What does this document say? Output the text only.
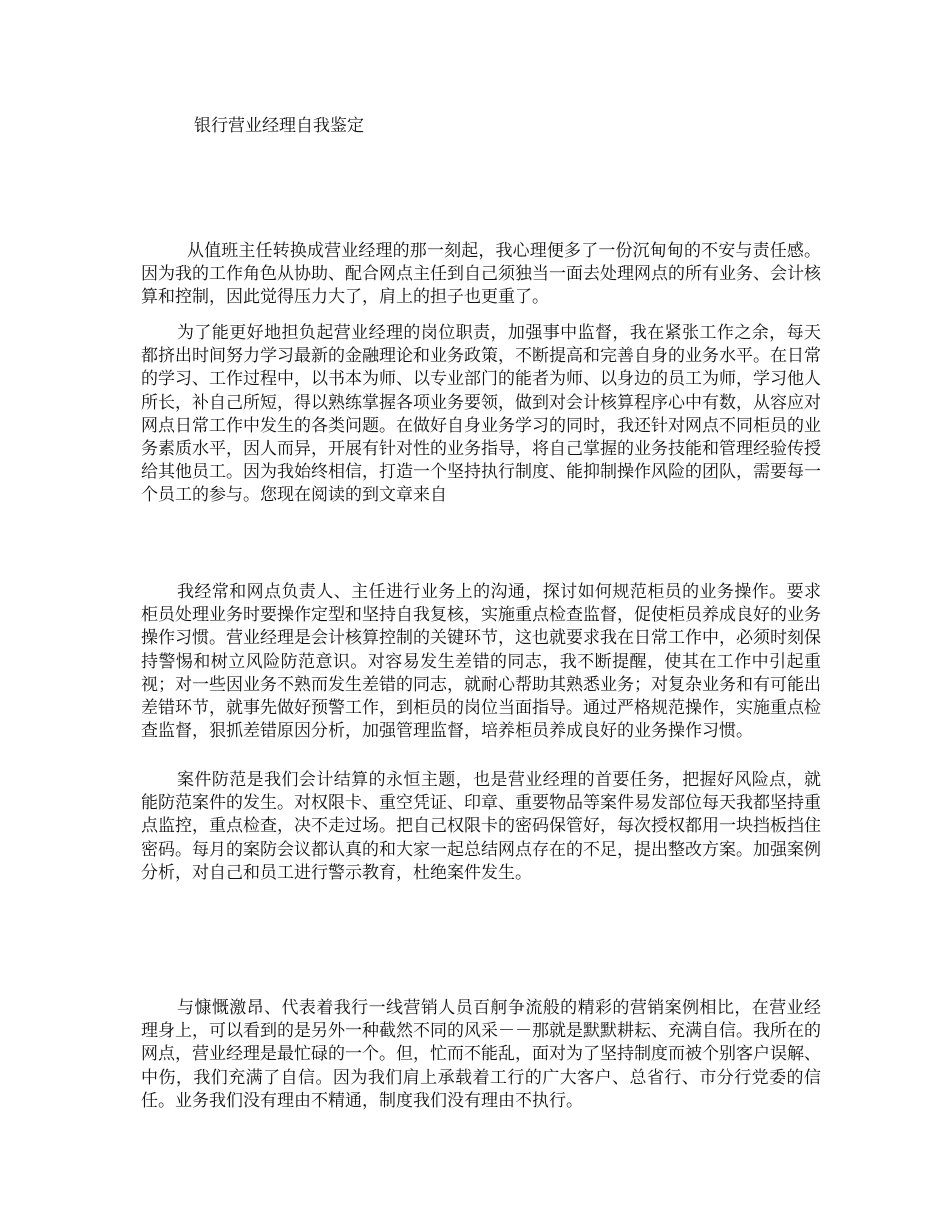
银行营业经理自我鉴定

从值班主任转换成营业经理的那一刻起，我心理便多了一份沉甸甸的不安与责任感。因为我的工作角色从协助、配合网点主任到自己须独当一面去处理网点的所有业务、会计核算和控制，因此觉得压力大了，肩上的担子也更重了。

为了能更好地担负起营业经理的岗位职责，加强事中监督，我在紧张工作之余，每天都挤出时间努力学习最新的金融理论和业务政策，不断提高和完善自身的业务水平。在日常的学习、工作过程中，以书本为师、以专业部门的能者为师、以身边的员工为师，学习他人所长，补自己所短，得以熟练掌握各项业务要领，做到对会计核算程序心中有数，从容应对网点日常工作中发生的各类问题。在做好自身业务学习的同时，我还针对网点不同柜员的业务素质水平，因人而异，开展有针对性的业务指导，将自己掌握的业务技能和管理经验传授给其他员工。因为我始终相信，打造一个坚持执行制度、能抑制操作风险的团队，需要每一个员工的参与。您现在阅读的到文章来自

我经常和网点负责人、主任进行业务上的沟通，探讨如何规范柜员的业务操作。要求柜员处理业务时要操作定型和坚持自我复核，实施重点检查监督，促使柜员养成良好的业务操作习惯。营业经理是会计核算控制的关键环节，这也就要求我在日常工作中，必须时刻保持警惕和树立风险防范意识。对容易发生差错的同志，我不断提醒，使其在工作中引起重视；对一些因业务不熟而发生差错的同志，就耐心帮助其熟悉业务；对复杂业务和有可能出差错环节，就事先做好预警工作，到柜员的岗位当面指导。通过严格规范操作，实施重点检查监督，狠抓差错原因分析，加强管理监督，培养柜员养成良好的业务操作习惯。

案件防范是我们会计结算的永恒主题，也是营业经理的首要任务，把握好风险点，就能防范案件的发生。对权限卡、重空凭证、印章、重要物品等案件易发部位每天我都坚持重点监控，重点检查，决不走过场。把自己权限卡的密码保管好，每次授权都用一块挡板挡住密码。每月的案防会议都认真的和大家一起总结网点存在的不足，提出整改方案。加强案例分析，对自己和员工进行警示教育，杜绝案件发生。

与慷慨激昂、代表着我行一线营销人员百舸争流般的精彩的营销案例相比，在营业经理身上，可以看到的是另外一种截然不同的风采－－那就是默默耕耘、充满自信。我所在的网点，营业经理是最忙碌的一个。但，忙而不能乱，面对为了坚持制度而被个别客户误解、中伤，我们充满了自信。因为我们肩上承载着工行的广大客户、总省行、市分行党委的信任。业务我们没有理由不精通，制度我们没有理由不执行。
